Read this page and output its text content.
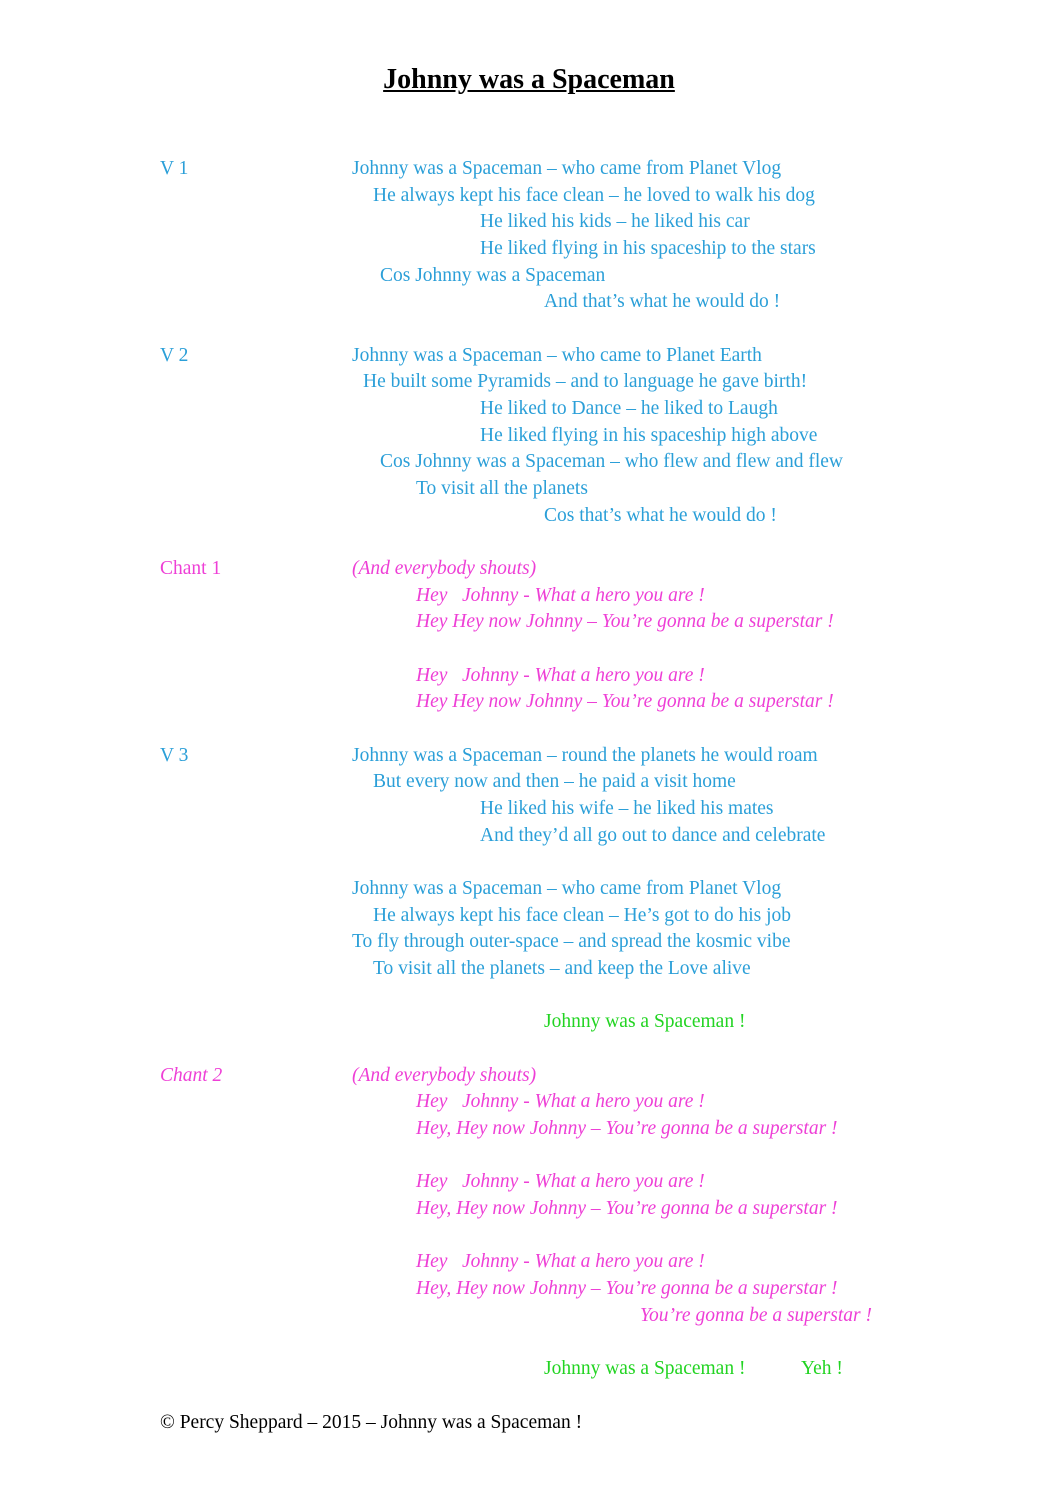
Johnny was a Spaceman

V 1	Johnny was a Spaceman – who came from Planet Vlog

He always kept his face clean – he loved to walk his dog

He liked his kids – he liked his car

He liked flying in his spaceship to the stars

Cos Johnny was a Spaceman

And that’s what he would do !

V 2	Johnny was a Spaceman – who came to Planet Earth

He built some Pyramids – and to language he gave birth!

He liked to Dance – he liked to Laugh

He liked flying in his spaceship high above

Cos Johnny was a Spaceman – who flew and flew and flew

To visit all the planets

Cos that’s what he would do !

Chant 1	(And everybody shouts)

Hey   Johnny - What a hero you are !

Hey Hey now Johnny – You’re gonna be a superstar !

Hey   Johnny - What a hero you are !

Hey Hey now Johnny – You’re gonna be a superstar !

V 3	Johnny was a Spaceman – round the planets he would roam

But every now and then – he paid a visit home

He liked his wife – he liked his mates

And they’d all go out to dance and celebrate

Johnny was a Spaceman – who came from Planet Vlog

He always kept his face clean – He’s got to do his job

To fly through outer-space – and spread the kosmic vibe

To visit all the planets – and keep the Love alive

Johnny was a Spaceman !

Chant 2	(And everybody shouts)

Hey   Johnny - What a hero you are !

Hey, Hey now Johnny – You’re gonna be a superstar !

Hey   Johnny - What a hero you are !

Hey, Hey now Johnny – You’re gonna be a superstar !

Hey   Johnny - What a hero you are !

Hey, Hey now Johnny – You’re gonna be a superstar !

You’re gonna be a superstar !

Johnny was a Spaceman !	Yeh !

© Percy Sheppard – 2015 – Johnny was a Spaceman !
